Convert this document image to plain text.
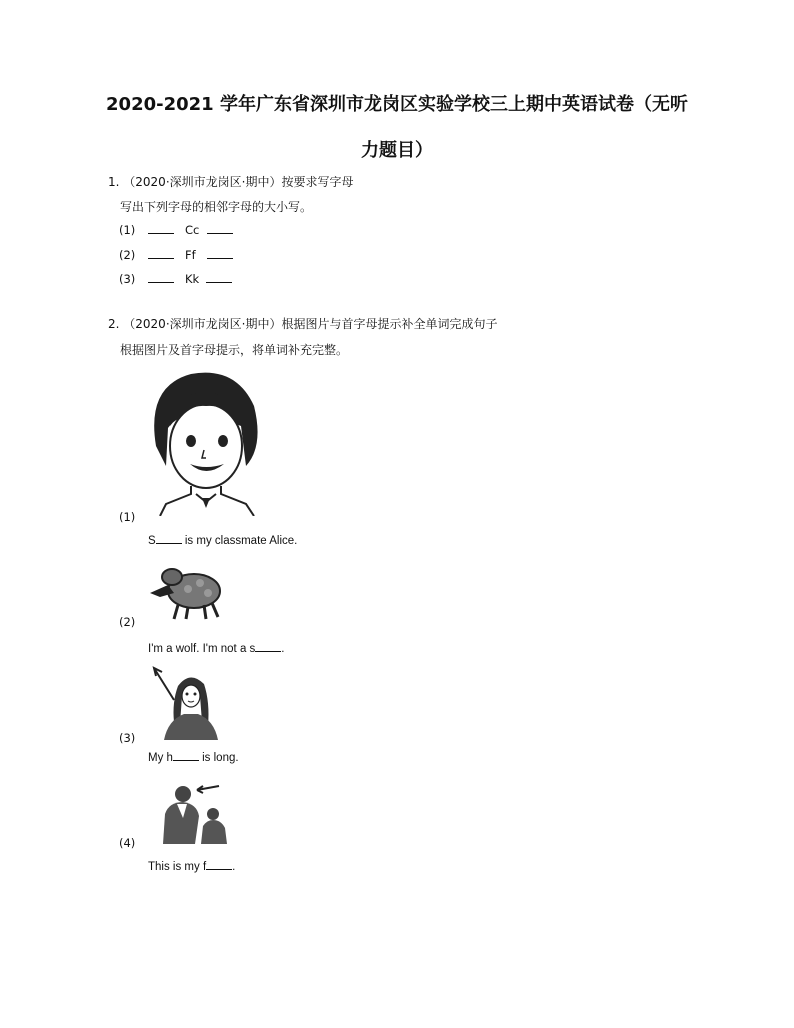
2020-2021 学年广东省深圳市龙岗区实验学校三上期中英语试卷（无听
力题目）
1. （2020·深圳市龙岗区·期中）按要求写字母
写出下列字母的相邻字母的大小写。
(1)	Cc
(2)	Ff
(3)	Kk
2. （2020·深圳市龙岗区·期中）根据图片与首字母提示补全单词完成句子
根据图片及首字母提示，将单词补充完整。
(1)
S is my classmate Alice.
(2)
I'm a wolf. I'm not a s .
(3)
My h is long.
(4)
This is my f .
